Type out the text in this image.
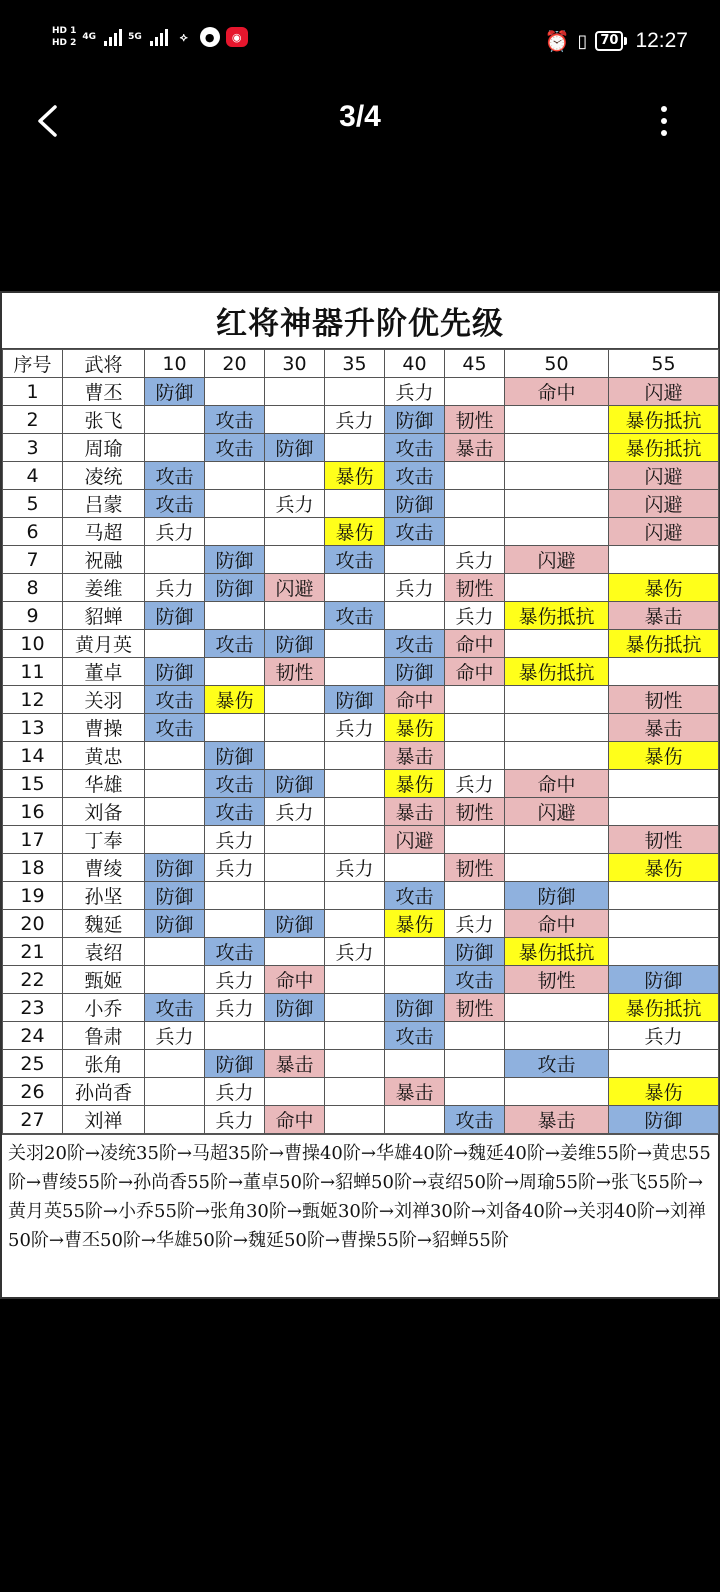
HD 1
HD 2
4G	5G	⟡	●	◉	⏰ ▯	70 12:27
3/4
红将神器升阶优先级
序号	武将	10	20	30	35	40	45	50	55
1	曹丕	防御				兵力		命中	闪避
2	张飞		攻击		兵力	防御	韧性		暴伤抵抗
3	周瑜		攻击	防御		攻击	暴击		暴伤抵抗
4	凌统	攻击			暴伤	攻击			闪避
5	吕蒙	攻击		兵力		防御			闪避
6	马超	兵力			暴伤	攻击			闪避
7	祝融		防御		攻击		兵力	闪避	
8	姜维	兵力	防御	闪避		兵力	韧性		暴伤
9	貂蝉	防御			攻击		兵力	暴伤抵抗	暴击
10	黄月英		攻击	防御		攻击	命中		暴伤抵抗
11	董卓	防御		韧性		防御	命中	暴伤抵抗	
12	关羽	攻击	暴伤		防御	命中			韧性
13	曹操	攻击			兵力	暴伤			暴击
14	黄忠		防御			暴击			暴伤
15	华雄		攻击	防御		暴伤	兵力	命中	
16	刘备		攻击	兵力		暴击	韧性	闪避	
17	丁奉		兵力			闪避			韧性
18	曹绫	防御	兵力		兵力		韧性		暴伤
19	孙坚	防御				攻击		防御	
20	魏延	防御		防御		暴伤	兵力	命中	
21	袁绍		攻击		兵力		防御	暴伤抵抗	
22	甄姬		兵力	命中			攻击	韧性	防御
23	小乔	攻击	兵力	防御		防御	韧性		暴伤抵抗
24	鲁肃	兵力				攻击			兵力
25	张角		防御	暴击				攻击	
26	孙尚香		兵力			暴击			暴伤
27	刘禅		兵力	命中			攻击	暴击	防御
关羽20阶→凌统35阶→马超35阶→曹操40阶→华雄40阶→魏延40阶→姜维55阶→黄忠55阶→曹绫55阶→孙尚香55阶→董卓50阶→貂蝉50阶→袁绍50阶→周瑜55阶→张飞55阶→黄月英55阶→小乔55阶→张角30阶→甄姬30阶→刘禅30阶→刘备40阶→关羽40阶→刘禅50阶→曹丕50阶→华雄50阶→魏延50阶→曹操55阶→貂蝉55阶
